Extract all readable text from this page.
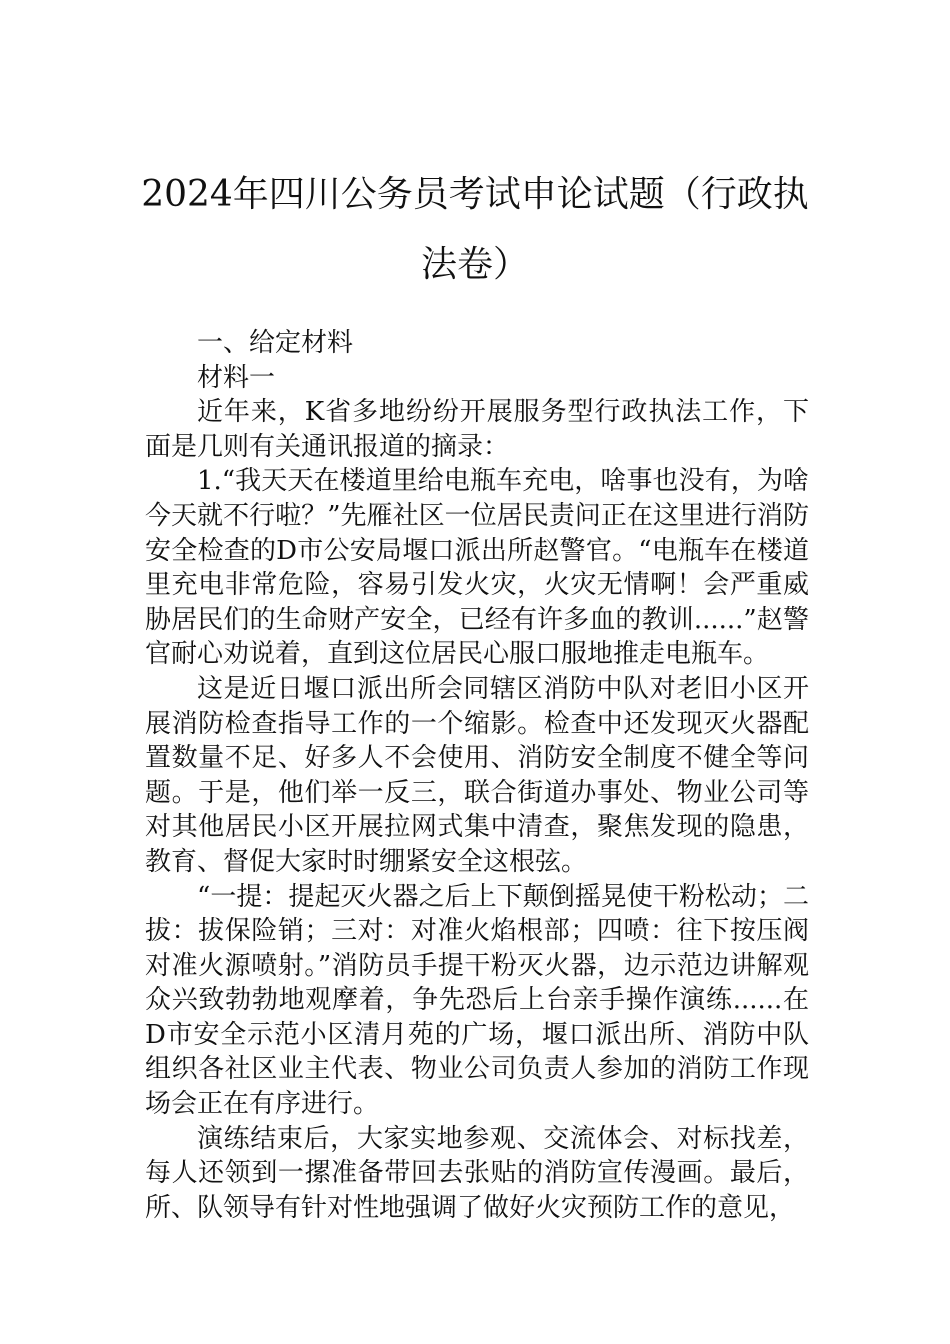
2024年四川公务员考试申论试题（行政执法卷）

一、给定材料

材料一

近年来，K省多地纷纷开展服务型行政执法工作，下面是几则有关通讯报道的摘录：

1.“我天天在楼道里给电瓶车充电，啥事也没有，为啥今天就不行啦？”先雁社区一位居民责问正在这里进行消防安全检查的D市公安局堰口派出所赵警官。“电瓶车在楼道里充电非常危险，容易引发火灾，火灾无情啊！会严重威胁居民们的生命财产安全，已经有许多血的教训......”赵警官耐心劝说着，直到这位居民心服口服地推走电瓶车。

这是近日堰口派出所会同辖区消防中队对老旧小区开展消防检查指导工作的一个缩影。检查中还发现灭火器配置数量不足、好多人不会使用、消防安全制度不健全等问题。于是，他们举一反三，联合街道办事处、物业公司等对其他居民小区开展拉网式集中清查，聚焦发现的隐患，教育、督促大家时时绷紧安全这根弦。

“一提：提起灭火器之后上下颠倒摇晃使干粉松动；二拔：拔保险销；三对：对准火焰根部；四喷：往下按压阀对准火源喷射。”消防员手提干粉灭火器，边示范边讲解观众兴致勃勃地观摩着，争先恐后上台亲手操作演练......在D市安全示范小区清月苑的广场，堰口派出所、消防中队组织各社区业主代表、物业公司负责人参加的消防工作现场会正在有序进行。

演练结束后，大家实地参观、交流体会、对标找差，每人还领到一摞准备带回去张贴的消防宣传漫画。最后，所、队领导有针对性地强调了做好火灾预防工作的意见，
